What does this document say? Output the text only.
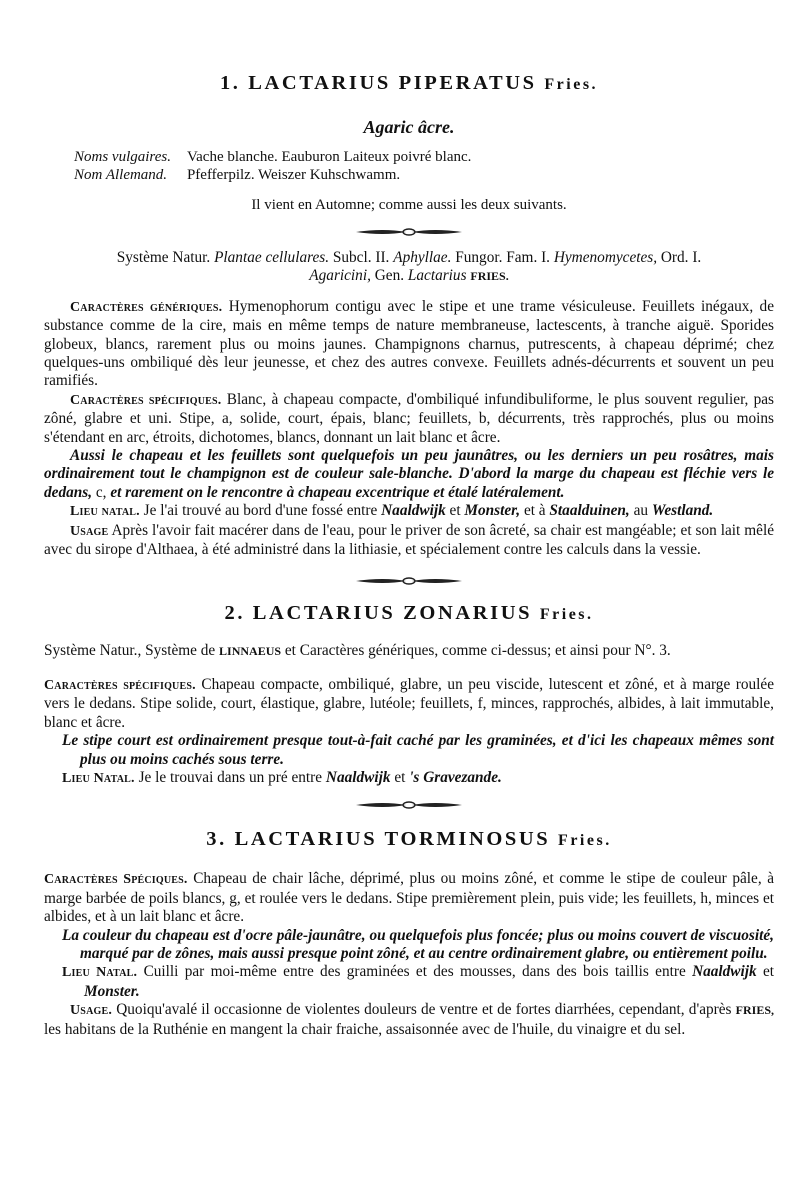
1. LACTARIUS PIPERATUS Fries.
Agaric âcre.
Noms vulgaires.	Vache blanche. Eauburon Laiteux poivré blanc.
Nom Allemand.	Pfefferpilz. Weiszer Kuhschwamm.
Il vient en Automne; comme aussi les deux suivants.
Système Natur. Plantae cellulares. Subcl. II. Aphyllae. Fungor. Fam. I. Hymenomycetes, Ord. I.
Agaricini, Gen. Lactarius FRIES.

Caractères génériques. Hymenophorum contigu avec le stipe et une trame vésiculeuse. Feuillets inégaux, de substance comme de la cire, mais en même temps de nature membraneuse, lactescents, à tranche aiguë. Sporides globeux, blancs, rarement plus ou moins jaunes. Champignons charnus, putrescents, à chapeau déprimé; chez quelques-uns ombiliqué dès leur jeunesse, et chez des autres convexe. Feuillets adnés-décurrents et souvent un peu ramifiés.

Caractères spécifiques. Blanc, à chapeau compacte, d'ombiliqué infundibuliforme, le plus souvent regulier, pas zôné, glabre et uni. Stipe, a, solide, court, épais, blanc; feuillets, b, décurrents, très rapprochés, plus ou moins s'étendant en arc, étroits, dichotomes, blancs, donnant un lait blanc et âcre.

Aussi le chapeau et les feuillets sont quelquefois un peu jaunâtres, ou les derniers un peu rosâtres, mais ordinairement tout le champignon est de couleur sale-blanche. D'abord la marge du chapeau est fléchie vers le dedans, c, et rarement on le rencontre à chapeau excentrique et étalé latéralement.

Lieu natal. Je l'ai trouvé au bord d'une fossé entre Naaldwijk et Monster, et à Staalduinen, au Westland.

Usage Après l'avoir fait macérer dans de l'eau, pour le priver de son âcreté, sa chair est mangéable; et son lait mêlé avec du sirope d'Althaea, à été administré dans la lithiasie, et spécialement contre les calculs dans la vessie.

2. LACTARIUS ZONARIUS Fries.

Système Natur., Système de LINNAEUS et Caractères génériques, comme ci-dessus; et ainsi pour N°. 3.

Caractères spécifiques. Chapeau compacte, ombiliqué, glabre, un peu viscide, lutescent et zôné, et à marge roulée vers le dedans. Stipe solide, court, élastique, glabre, lutéole; feuillets, f, minces, rapprochés, albides, à lait immutable, blanc et âcre.

Le stipe court est ordinairement presque tout-à-fait caché par les graminées, et d'ici les chapeaux mêmes sont plus ou moins cachés sous terre.

Lieu Natal. Je le trouvai dans un pré entre Naaldwijk et 's Gravezande.

3. LACTARIUS TORMINOSUS Fries.

Caractères Spéciques. Chapeau de chair lâche, déprimé, plus ou moins zôné, et comme le stipe de couleur pâle, à marge barbée de poils blancs, g, et roulée vers le dedans. Stipe premièrement plein, puis vide; les feuillets, h, minces et albides, et à un lait blanc et âcre.

La couleur du chapeau est d'ocre pâle-jaunâtre, ou quelquefois plus foncée; plus ou moins couvert de viscuosité, marqué par de zônes, mais aussi presque point zôné, et au centre ordinairement glabre, ou entièrement poilu.

Lieu Natal. Cuilli par moi-même entre des graminées et des mousses, dans des bois taillis entre Naaldwijk et Monster.

Usage. Quoiqu'avalé il occasionne de violentes douleurs de ventre et de fortes diarrhées, cependant, d'après FRIES, les habitans de la Ruthénie en mangent la chair fraiche, assaisonnée avec de l'huile, du vinaigre et du sel.
